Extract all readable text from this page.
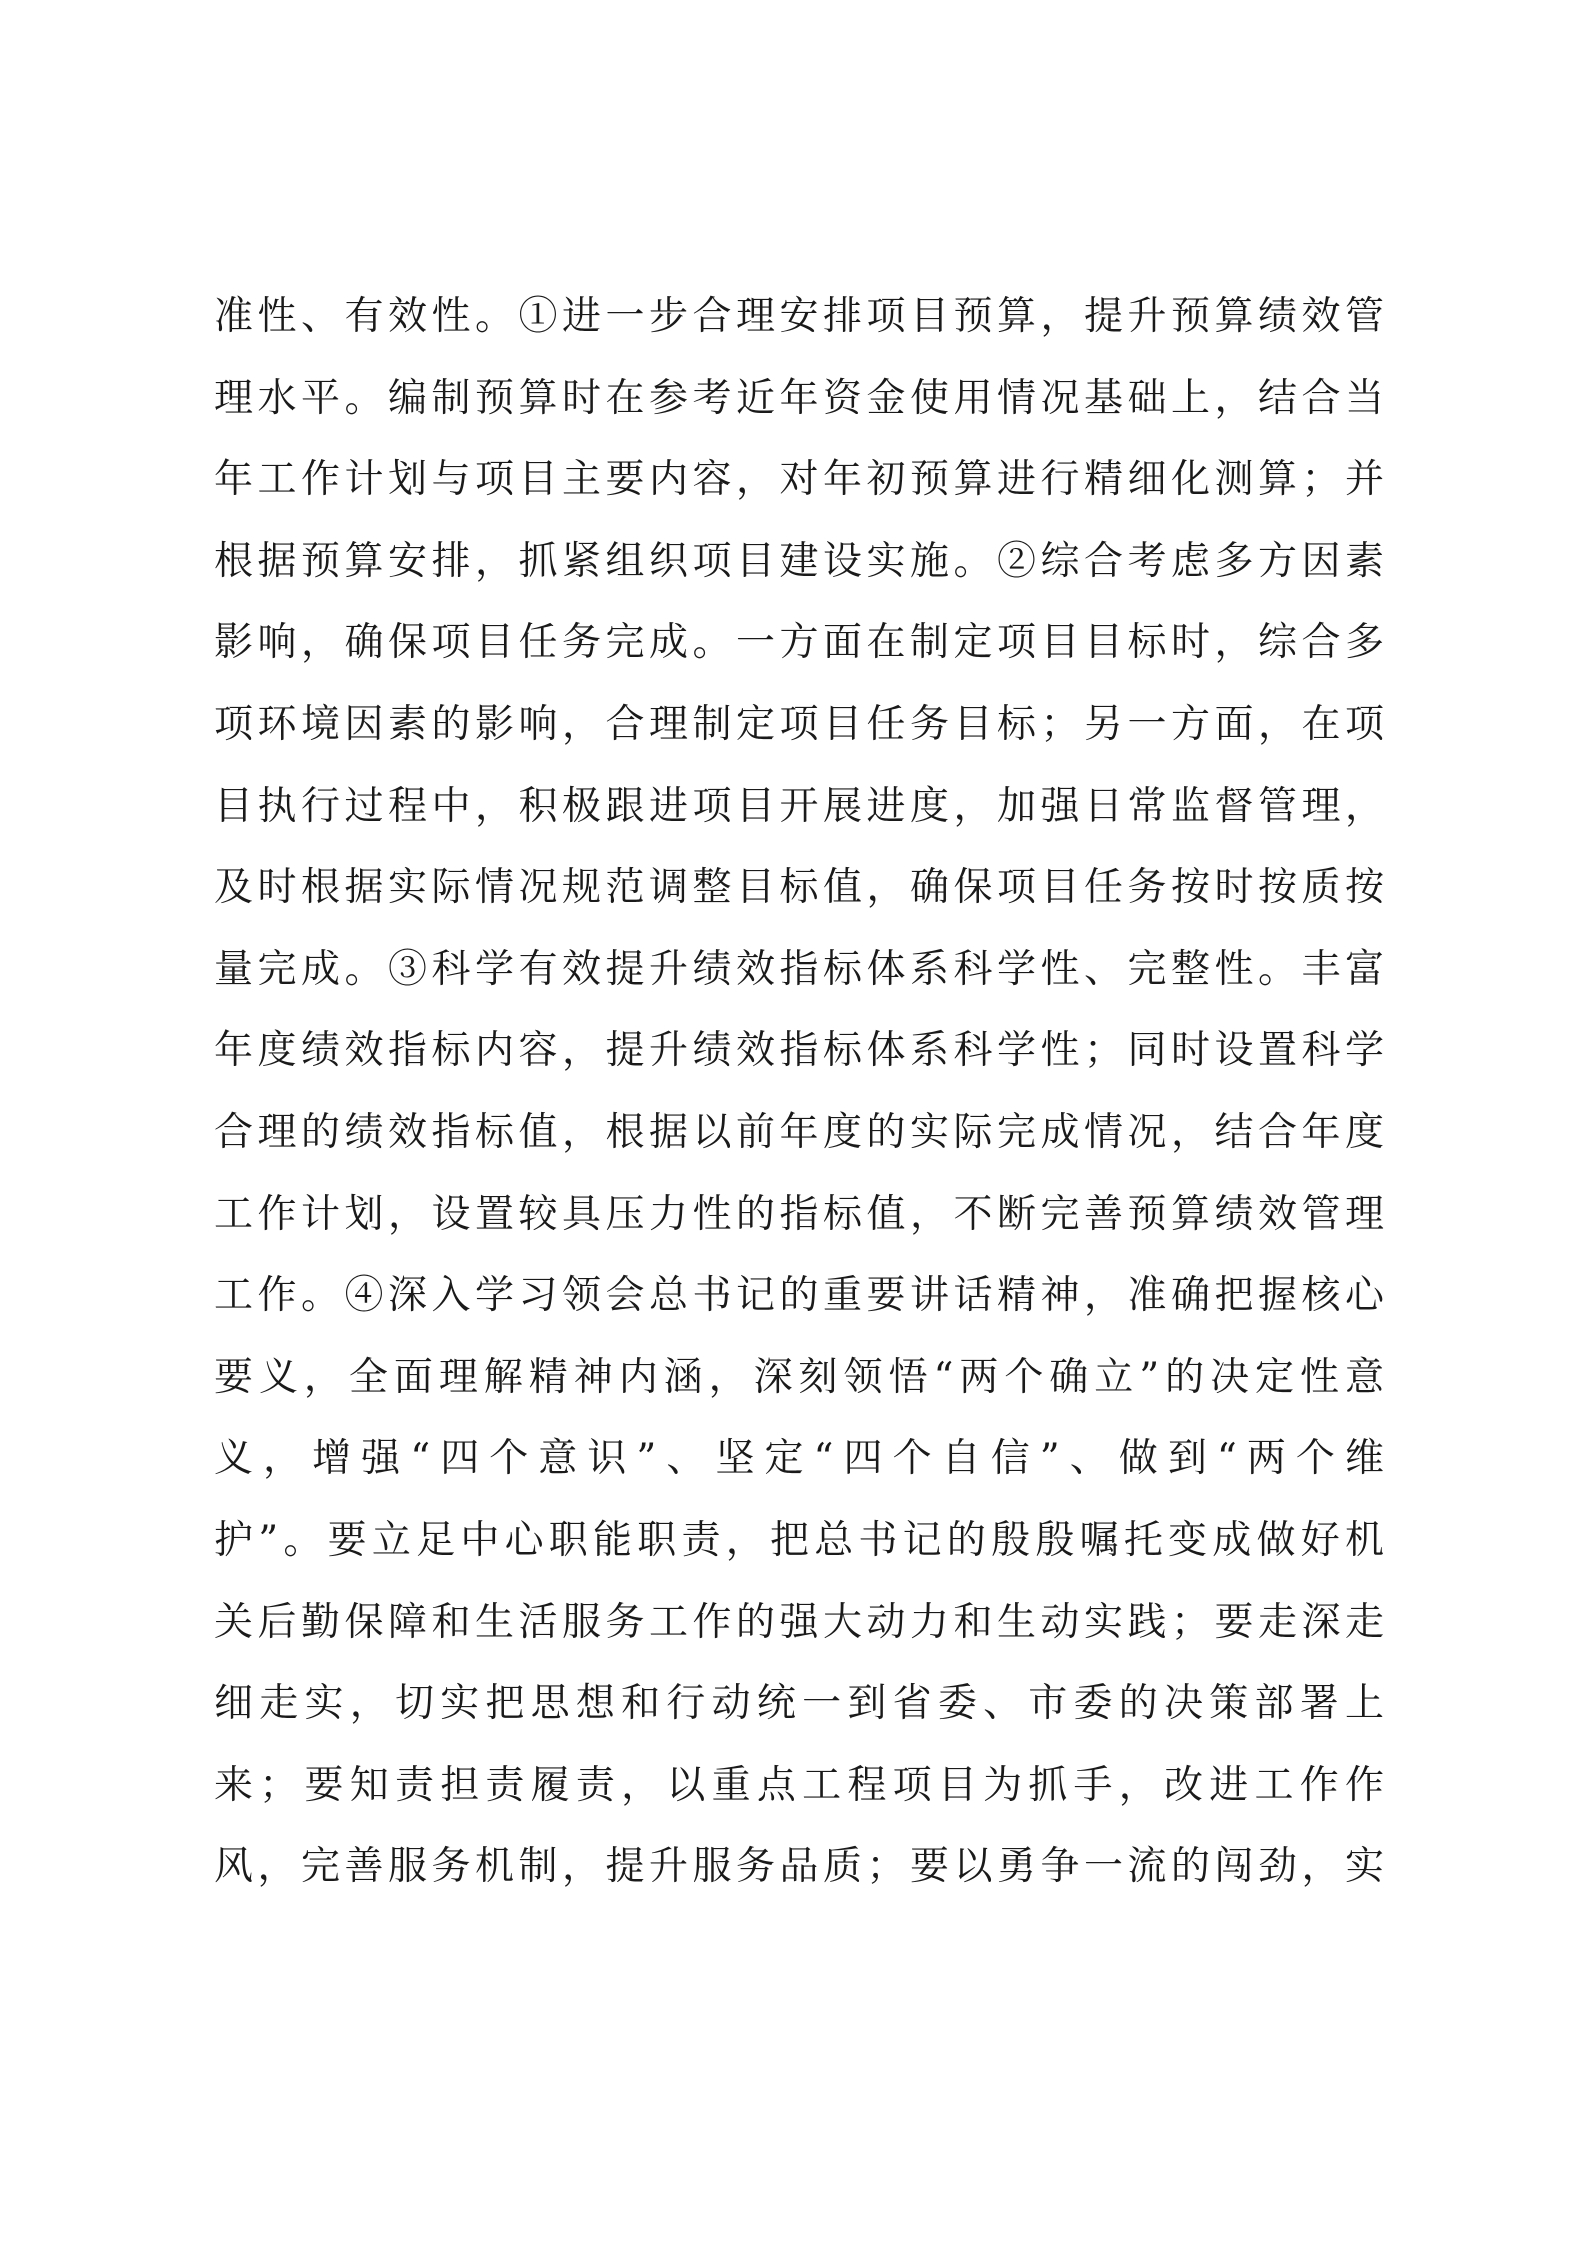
准性、有效性。①进一步合理安排项目预算，提升预算绩效管
理水平。编制预算时在参考近年资金使用情况基础上，结合当
年工作计划与项目主要内容，对年初预算进行精细化测算；并
根据预算安排，抓紧组织项目建设实施。②综合考虑多方因素
影响，确保项目任务完成。一方面在制定项目目标时，综合多
项环境因素的影响，合理制定项目任务目标；另一方面，在项
目执行过程中，积极跟进项目开展进度，加强日常监督管理，
及时根据实际情况规范调整目标值，确保项目任务按时按质按
量完成。③科学有效提升绩效指标体系科学性、完整性。丰富
年度绩效指标内容，提升绩效指标体系科学性；同时设置科学
合理的绩效指标值，根据以前年度的实际完成情况，结合年度
工作计划，设置较具压力性的指标值，不断完善预算绩效管理
工作。④深入学习领会总书记的重要讲话精神，准确把握核心
要义，全面理解精神内涵，深刻领悟“两个确立”的决定性意
义，增强“四个意识”、坚定“四个自信”、做到“两个维
护”。要立足中心职能职责，把总书记的殷殷嘱托变成做好机
关后勤保障和生活服务工作的强大动力和生动实践；要走深走
细走实，切实把思想和行动统一到省委、市委的决策部署上
来；要知责担责履责，以重点工程项目为抓手，改进工作作
风，完善服务机制，提升服务品质；要以勇争一流的闯劲，实
